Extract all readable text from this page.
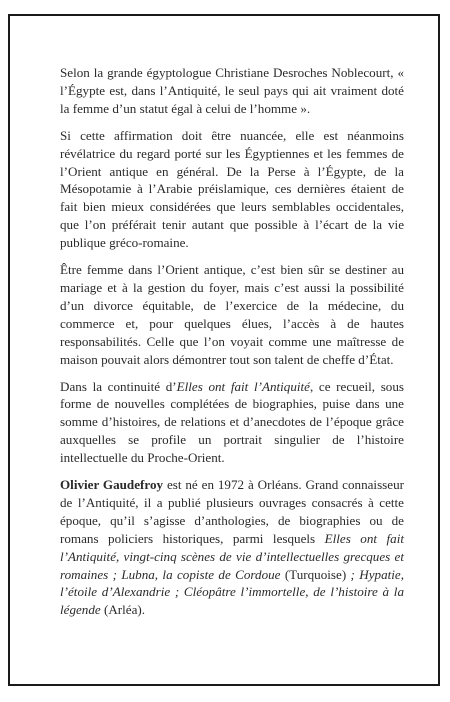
Selon la grande égyptologue Christiane Desroches Noblecourt, « l’Égypte est, dans l’Antiquité, le seul pays qui ait vraiment doté la femme d’un statut égal à celui de l’homme ».

Si cette affirmation doit être nuancée, elle est néanmoins révélatrice du regard porté sur les Égyptiennes et les femmes de l’Orient antique en général. De la Perse à l’Égypte, de la Mésopotamie à l’Arabie préislamique, ces dernières étaient de fait bien mieux considérées que leurs semblables occidentales, que l’on préférait tenir autant que possible à l’écart de la vie publique gréco-romaine.

Être femme dans l’Orient antique, c’est bien sûr se destiner au mariage et à la gestion du foyer, mais c’est aussi la possibilité d’un divorce équitable, de l’exercice de la médecine, du commerce et, pour quelques élues, l’accès à de hautes responsabilités. Celle que l’on voyait comme une maîtresse de maison pouvait alors démontrer tout son talent de cheffe d’État.

Dans la continuité d’Elles ont fait l’Antiquité, ce recueil, sous forme de nouvelles complétées de biographies, puise dans une somme d’histoires, de relations et d’anecdotes de l’époque grâce auxquelles se profile un portrait singulier de l’histoire intellectuelle du Proche-Orient.

Olivier Gaudefroy est né en 1972 à Orléans. Grand connaisseur de l’Antiquité, il a publié plusieurs ouvrages consacrés à cette époque, qu’il s’agisse d’anthologies, de biographies ou de romans policiers historiques, parmi lesquels Elles ont fait l’Antiquité, vingt-cinq scènes de vie d’intellectuelles grecques et romaines ; Lubna, la copiste de Cordoue (Turquoise) ; Hypatie, l’étoile d’Alexandrie ; Cléopâtre l’immortelle, de l’histoire à la légende (Arléa).
